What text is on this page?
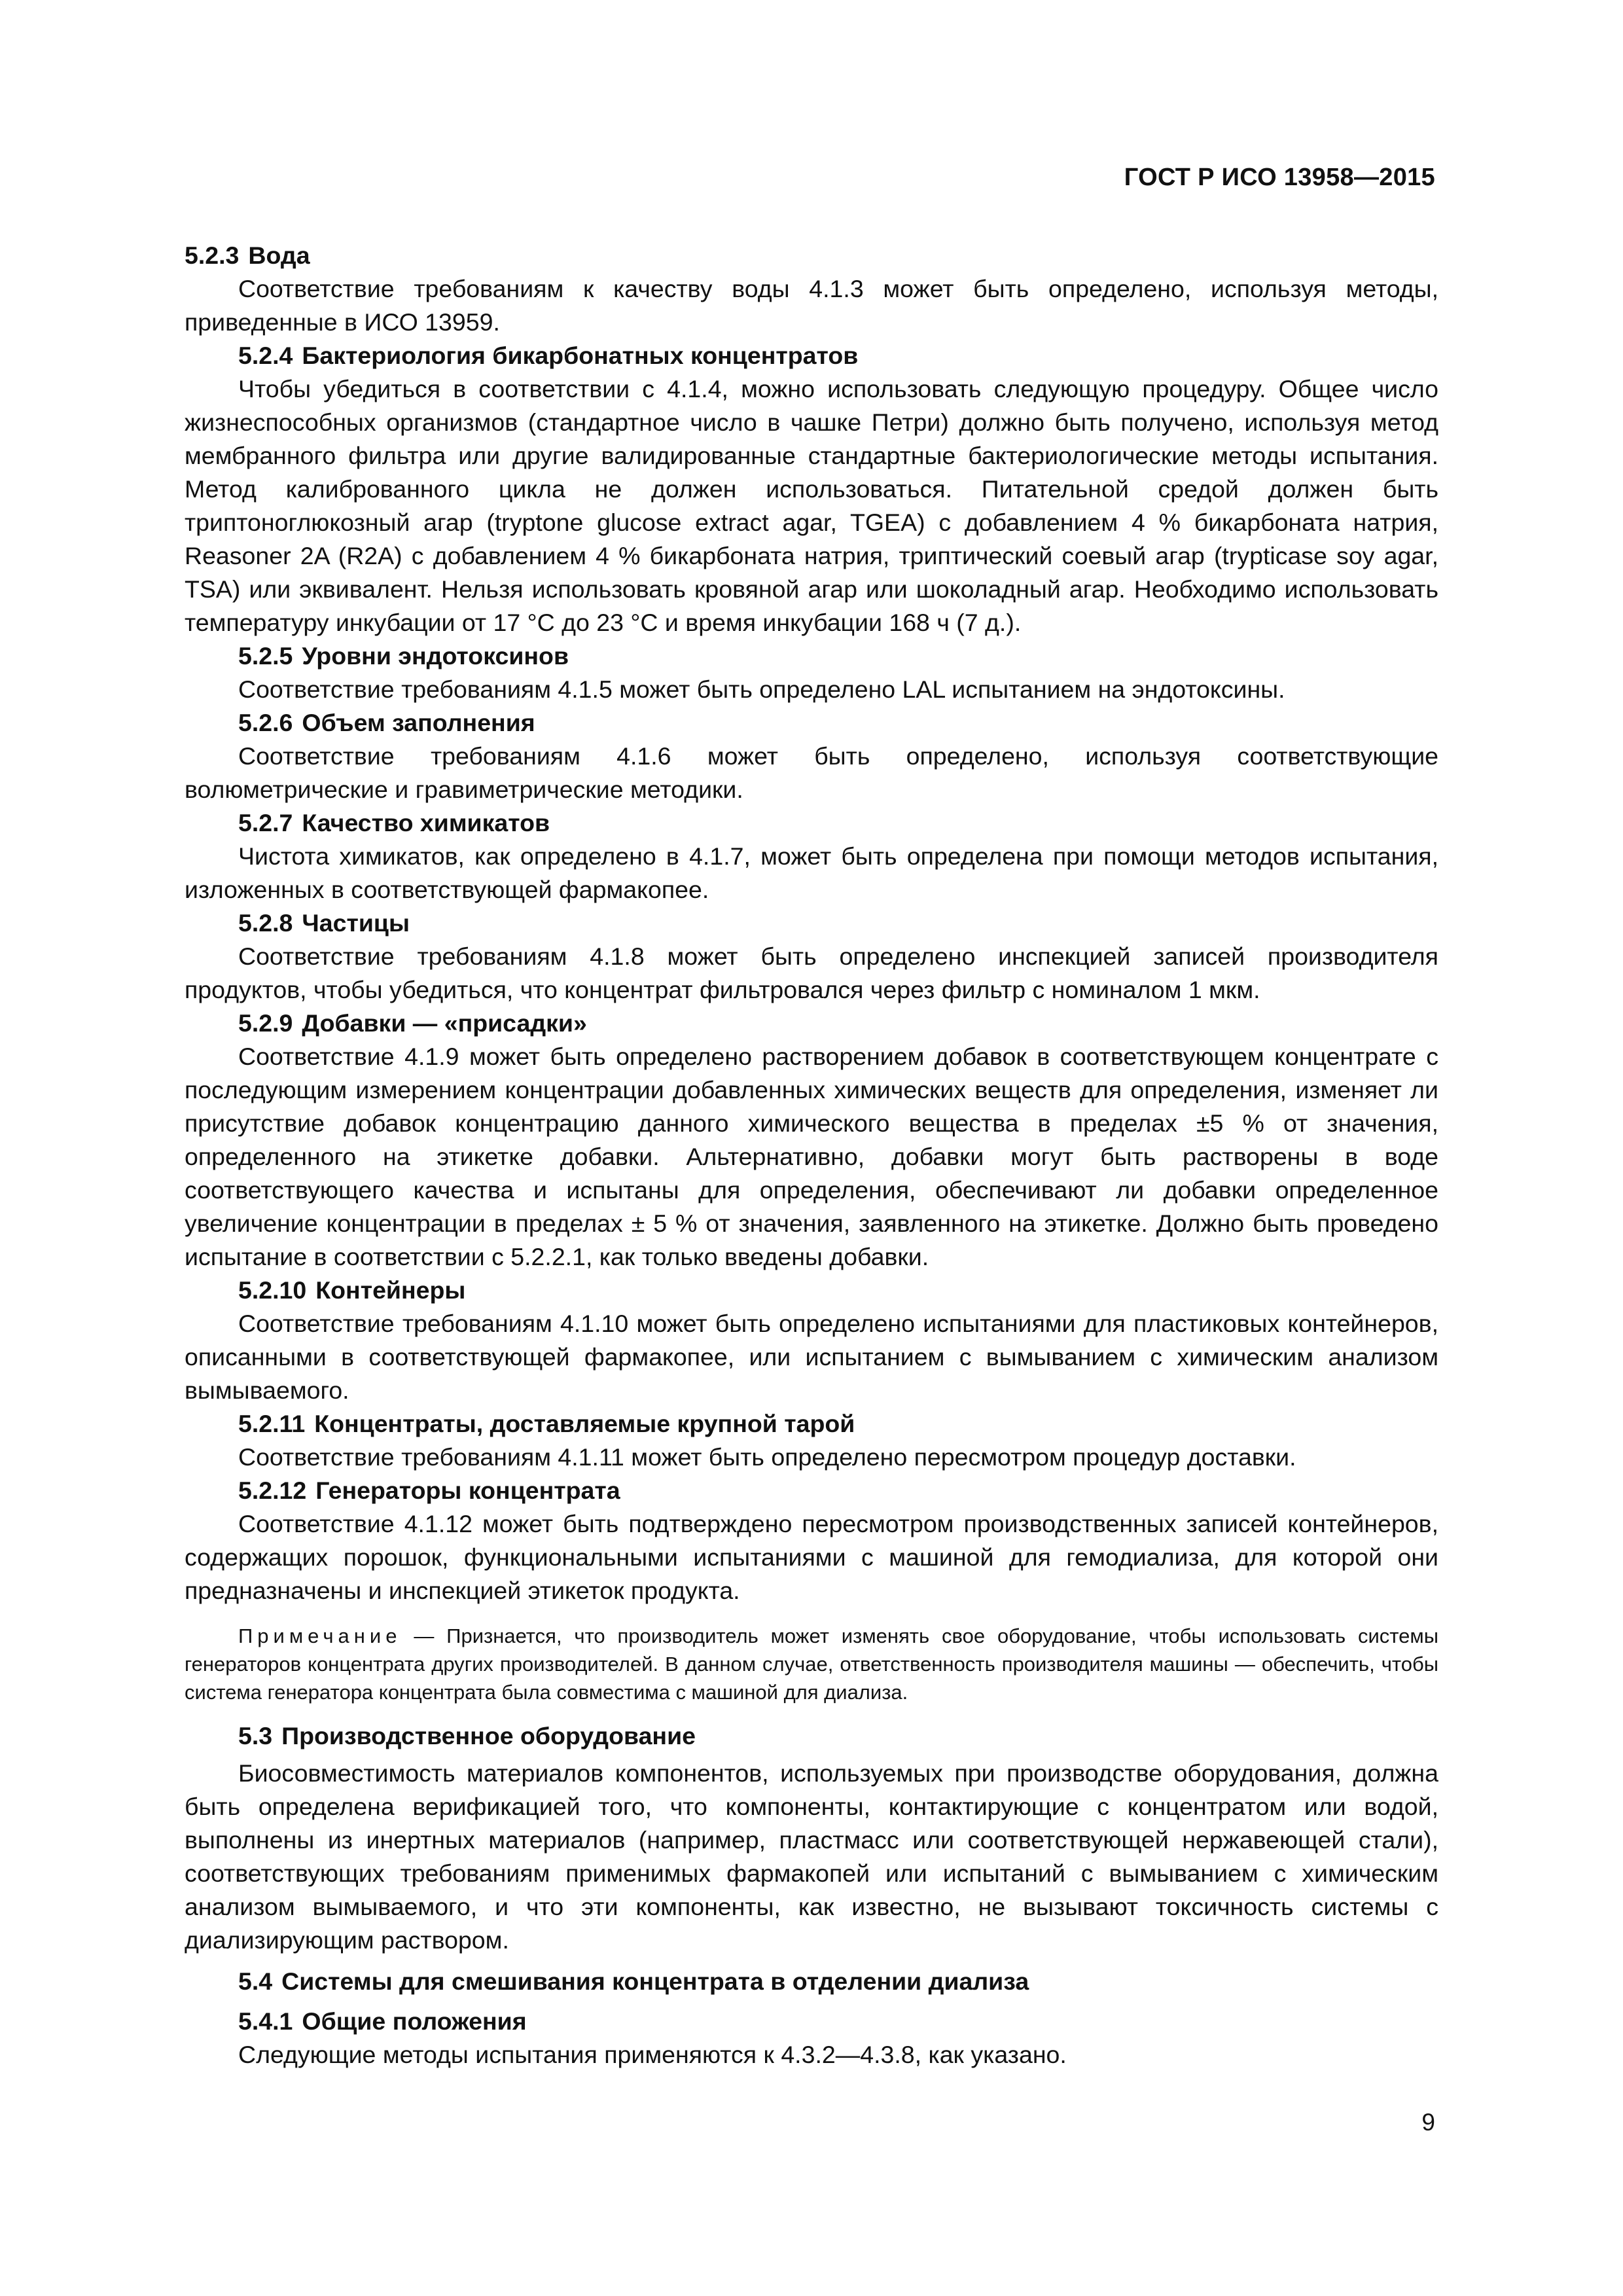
ГОСТ Р ИСО 13958—2015

5.2.3 Вода

Соответствие требованиям к качеству воды 4.1.3 может быть определено, используя методы, приведенные в ИСО 13959.

5.2.4 Бактериология бикарбонатных концентратов

Чтобы убедиться в соответствии с 4.1.4, можно использовать следующую процедуру. Общее число жизнеспособных организмов (стандартное число в чашке Петри) должно быть получено, используя метод мембранного фильтра или другие валидированные стандартные бактериологические методы испытания. Метод калиброванного цикла не должен использоваться. Питательной средой должен быть триптоноглюкозный агар (tryptone glucose extract agar, TGEA) с добавлением 4 % бикарбоната натрия, Reasoner 2A (R2A) с добавлением 4 % бикарбоната натрия, триптический соевый агар (trypticase soy agar, TSA) или эквивалент. Нельзя использовать кровяной агар или шоколадный агар. Необходимо использовать температуру инкубации от 17 °C до 23 °C и время инкубации 168 ч (7 д.).

5.2.5 Уровни эндотоксинов

Соответствие требованиям 4.1.5 может быть определено LAL испытанием на эндотоксины.

5.2.6 Объем заполнения

Соответствие требованиям 4.1.6 может быть определено, используя соответствующие волюметрические и гравиметрические методики.

5.2.7 Качество химикатов

Чистота химикатов, как определено в 4.1.7, может быть определена при помощи методов испытания, изложенных в соответствующей фармакопее.

5.2.8 Частицы

Соответствие требованиям 4.1.8 может быть определено инспекцией записей производителя продуктов, чтобы убедиться, что концентрат фильтровался через фильтр с номиналом 1 мкм.

5.2.9 Добавки — «присадки»

Соответствие 4.1.9 может быть определено растворением добавок в соответствующем концентрате с последующим измерением концентрации добавленных химических веществ для определения, изменяет ли присутствие добавок концентрацию данного химического вещества в пределах ±5 % от значения, определенного на этикетке добавки. Альтернативно, добавки могут быть растворены в воде соответствующего качества и испытаны для определения, обеспечивают ли добавки определенное увеличение концентрации в пределах ± 5 % от значения, заявленного на этикетке. Должно быть проведено испытание в соответствии с 5.2.2.1, как только введены добавки.

5.2.10 Контейнеры

Соответствие требованиям 4.1.10 может быть определено испытаниями для пластиковых контейнеров, описанными в соответствующей фармакопее, или испытанием с вымыванием с химическим анализом вымываемого.

5.2.11 Концентраты, доставляемые крупной тарой

Соответствие требованиям 4.1.11 может быть определено пересмотром процедур доставки.

5.2.12 Генераторы концентрата

Соответствие 4.1.12 может быть подтверждено пересмотром производственных записей контейнеров, содержащих порошок, функциональными испытаниями с машиной для гемодиализа, для которой они предназначены и инспекцией этикеток продукта.

Примечание — Признается, что производитель может изменять свое оборудование, чтобы использовать системы генераторов концентрата других производителей. В данном случае, ответственность производителя машины — обеспечить, чтобы система генератора концентрата была совместима с машиной для диализа.

5.3 Производственное оборудование

Биосовместимость материалов компонентов, используемых при производстве оборудования, должна быть определена верификацией того, что компоненты, контактирующие с концентратом или водой, выполнены из инертных материалов (например, пластмасс или соответствующей нержавеющей стали), соответствующих требованиям применимых фармакопей или испытаний с вымыванием с химическим анализом вымываемого, и что эти компоненты, как известно, не вызывают токсичность системы с диализирующим раствором.

5.4 Системы для смешивания концентрата в отделении диализа

5.4.1 Общие положения

Следующие методы испытания применяются к 4.3.2—4.3.8, как указано.

9
